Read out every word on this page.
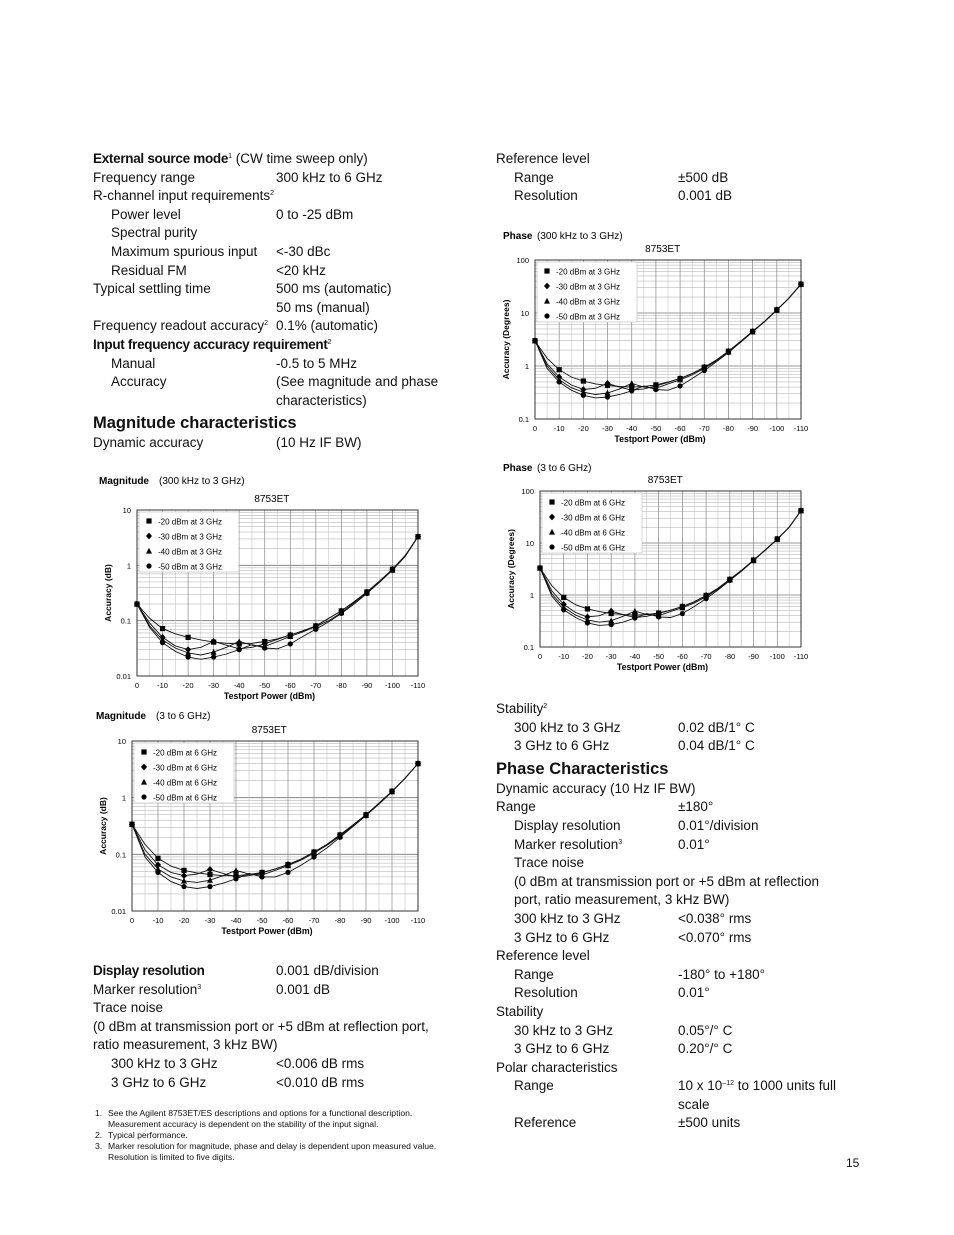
External source mode$^1$ (CW time sweep only)
Frequency range	300 kHz to 6 GHz
R-channel input requirements$^2$
Power level	0 to -25 dBm
Spectral purity
Maximum spurious input <-30 dBc
Residual FM	<20 kHz
Typical settling time	500 ms (automatic)
50 ms (manual)
Frequency readout accuracy$^2$ 0.1% (automatic)
Input frequency accuracy requirement$^2$
Manual	-0.5 to 5 MHz
Accuracy	(See magnitude and phase
characteristics)
Magnitude characteristics
Dynamic accuracy	(10 Hz IF BW)
Magnitude (300 kHz to 3 GHz)
8753ET
10
1
0.1
0.01
0 -10 -20 -30 -40 -50 -60 -70 -80 -90 -100 -110
Testport Power (dBm)
Accuracy (dB)
-20 dBm at 3 GHz
-30 dBm at 3 GHz
-40 dBm at 3 GHz
-50 dBm at 3 GHz
Magnitude (3 to 6 GHz)
8753ET
10
1
0.1
0.01
0 -10 -20 -30 -40 -50 -60 -70 -80 -90 -100 -110
Testport Power (dBm)
Accuracy (dB)
-20 dBm at 6 GHz
-30 dBm at 6 GHz
-40 dBm at 6 GHz
-50 dBm at 6 GHz
Phase (300 kHz to 3 GHz)
8753ET
100
10
1
0.1
0 -10 -20 -30 -40 -50 -60 -70 -80 -90 -100 -110
Testport Power (dBm)
Accuracy (Degrees)
-20 dBm at 3 GHz
-30 dBm at 3 GHz
-40 dBm at 3 GHz
-50 dBm at 3 GHz
Phase (3 to 6 GHz)
8753ET
100
10
1
0.1
0 -10 -20 -30 -40 -50 -60 -70 -80 -90 -100 -110
Testport Power (dBm)
Accuracy (Degrees)
-20 dBm at 6 GHz
-30 dBm at 6 GHz
-40 dBm at 6 GHz
-50 dBm at 6 GHz
Display resolution	0.001 dB/division
Marker resolution$^3$	0.001 dB
Trace noise
(0 dBm at transmission port or +5 dBm at reflection port,
ratio measurement, 3 kHz BW)
300 kHz to 3 GHz	<0.006 dB rms
3 GHz to 6 GHz	<0.010 dB rms
1. See the Agilent 8753ET/ES descriptions and options for a functional description. Measurement accuracy is dependent on the stability of the input signal.
2. Typical performance.
3. Marker resolution for magnitude, phase and delay is dependent upon measured value. Resolution is limited to five digits.
Reference level
Range	±500 dB
Resolution	0.001 dB
Stability$^2$
300 kHz to 3 GHz	0.02 dB/1° C
3 GHz to 6 GHz	0.04 dB/1° C
Phase Characteristics
Dynamic accuracy (10 Hz IF BW)
Range	±180°
Display resolution	0.01°/division
Marker resolution$^3$	0.01°
Trace noise
(0 dBm at transmission port or +5 dBm at reflection
port, ratio measurement, 3 kHz BW)
300 kHz to 3 GHz	<0.038° rms
3 GHz to 6 GHz	<0.070° rms
Reference level
Range	-180° to +180°
Resolution	0.01°
Stability
30 kHz to 3 GHz	0.05°/° C
3 GHz to 6 GHz	0.20°/° C
Polar characteristics
Range	10 x $10^{-12}$ to 1000 units full
scale
Reference	±500 units
15
